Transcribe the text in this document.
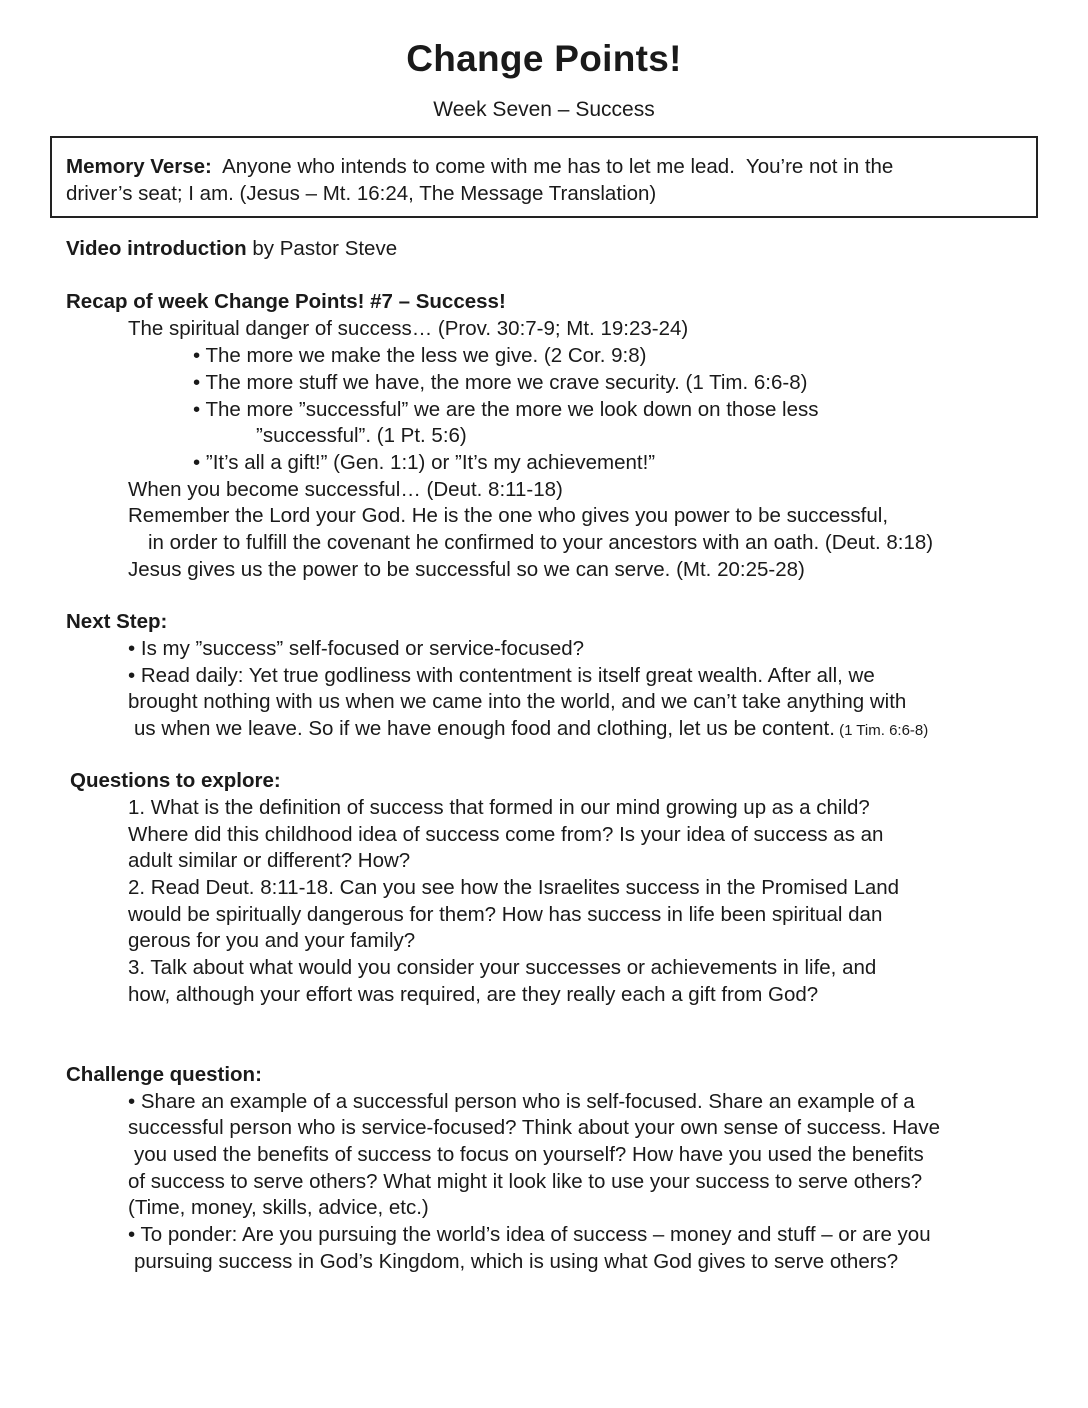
Change Points!
Week Seven – Success
Memory Verse:  Anyone who intends to come with me has to let me lead.  You’re not in the
driver’s seat; I am. (Jesus – Mt. 16:24, The Message Translation)
Video introduction by Pastor Steve
Recap of week Change Points! #7 – Success!
The spiritual danger of success… (Prov. 30:7-9; Mt. 19:23-24)
• The more we make the less we give. (2 Cor. 9:8)
• The more stuff we have, the more we crave security. (1 Tim. 6:6-8)
• The more ”successful” we are the more we look down on those less
”successful”. (1 Pt. 5:6)
• ”It’s all a gift!” (Gen. 1:1) or ”It’s my achievement!”
When you become successful… (Deut. 8:11-18)
Remember the Lord your God. He is the one who gives you power to be successful,
in order to fulfill the covenant he confirmed to your ancestors with an oath. (Deut. 8:18)
Jesus gives us the power to be successful so we can serve. (Mt. 20:25-28)
Next Step:
• Is my ”success” self-focused or service-focused?
• Read daily: Yet true godliness with contentment is itself great wealth. After all, we
brought nothing with us when we came into the world, and we can’t take anything with
us when we leave. So if we have enough food and clothing, let us be content. (1 Tim. 6:6-8)
Questions to explore:
1. What is the definition of success that formed in our mind growing up as a child?
Where did this childhood idea of success come from? Is your idea of success as an
adult similar or different? How?
2. Read Deut. 8:11-18. Can you see how the Israelites success in the Promised Land
would be spiritually dangerous for them? How has success in life been spiritual dan
gerous for you and your family?
3. Talk about what would you consider your successes or achievements in life, and
how, although your effort was required, are they really each a gift from God?
Challenge question:
• Share an example of a successful person who is self-focused. Share an example of a
successful person who is service-focused? Think about your own sense of success. Have
you used the benefits of success to focus on yourself? How have you used the benefits
of success to serve others? What might it look like to use your success to serve others?
(Time, money, skills, advice, etc.)
• To ponder: Are you pursuing the world’s idea of success – money and stuff – or are you
pursuing success in God’s Kingdom, which is using what God gives to serve others?
